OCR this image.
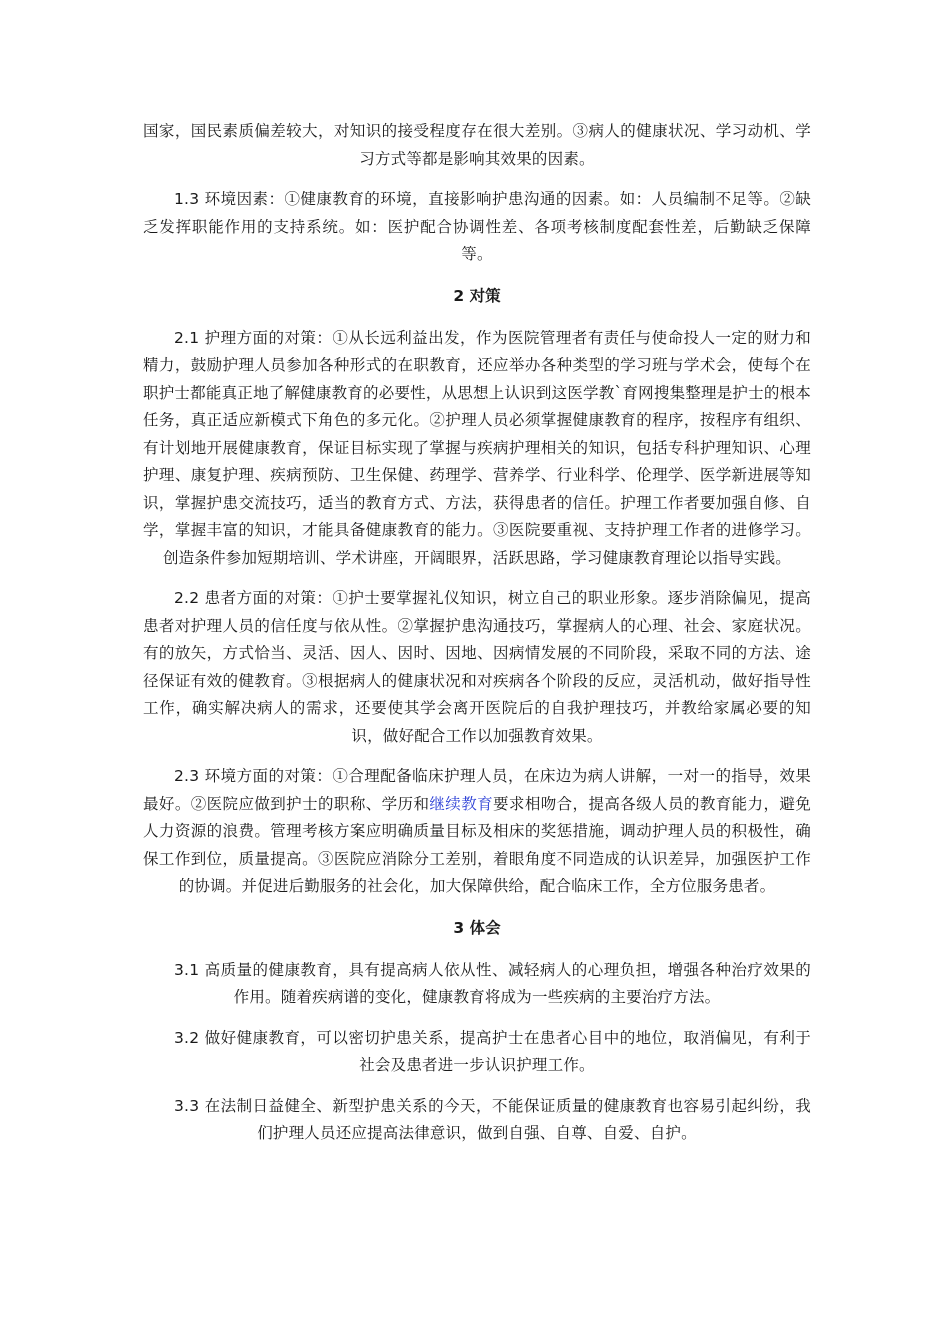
国家，国民素质偏差较大，对知识的接受程度存在很大差别。③病人的健康状况、学习动机、学习方式等都是影响其效果的因素。

1.3 环境因素：①健康教育的环境，直接影响护患沟通的因素。如：人员编制不足等。②缺乏发挥职能作用的支持系统。如：医护配合协调性差、各项考核制度配套性差，后勤缺乏保障等。

2 对策

2.1 护理方面的对策：①从长远利益出发，作为医院管理者有责任与使命投人一定的财力和精力，鼓励护理人员参加各种形式的在职教育，还应举办各种类型的学习班与学术会，使每个在职护士都能真正地了解健康教育的必要性，从思想上认识到这医学教`育网搜集整理是护士的根本任务，真正适应新模式下角色的多元化。②护理人员必须掌握健康教育的程序，按程序有组织、有计划地开展健康教育，保证目标实现了掌握与疾病护理相关的知识，包括专科护理知识、心理护理、康复护理、疾病预防、卫生保健、药理学、营养学、行业科学、伦理学、医学新进展等知识，掌握护患交流技巧，适当的教育方式、方法，获得患者的信任。护理工作者要加强自修、自学，掌握丰富的知识，才能具备健康教育的能力。③医院要重视、支持护理工作者的进修学习。创造条件参加短期培训、学术讲座，开阔眼界，活跃思路，学习健康教育理论以指导实践。

2.2 患者方面的对策：①护士要掌握礼仪知识，树立自己的职业形象。逐步消除偏见，提高患者对护理人员的信任度与依从性。②掌握护患沟通技巧，掌握病人的心理、社会、家庭状况。有的放矢，方式恰当、灵活、因人、因时、因地、因病情发展的不同阶段，采取不同的方法、途径保证有效的健教育。③根据病人的健康状况和对疾病各个阶段的反应，灵活机动，做好指导性工作，确实解决病人的需求，还要使其学会离开医院后的自我护理技巧，并教给家属必要的知识，做好配合工作以加强教育效果。

2.3 环境方面的对策：①合理配备临床护理人员，在床边为病人讲解，一对一的指导，效果最好。②医院应做到护士的职称、学历和继续教育要求相吻合，提高各级人员的教育能力，避免人力资源的浪费。管理考核方案应明确质量目标及相床的奖惩措施，调动护理人员的积极性，确保工作到位，质量提高。③医院应消除分工差别，着眼角度不同造成的认识差异，加强医护工作的协调。并促进后勤服务的社会化，加大保障供给，配合临床工作，全方位服务患者。

3 体会

3.1 高质量的健康教育，具有提高病人依从性、减轻病人的心理负担，增强各种治疗效果的作用。随着疾病谱的变化，健康教育将成为一些疾病的主要治疗方法。

3.2 做好健康教育，可以密切护患关系，提高护士在患者心目中的地位，取消偏见，有利于社会及患者进一步认识护理工作。

3.3 在法制日益健全、新型护患关系的今天，不能保证质量的健康教育也容易引起纠纷，我们护理人员还应提高法律意识，做到自强、自尊、自爱、自护。
